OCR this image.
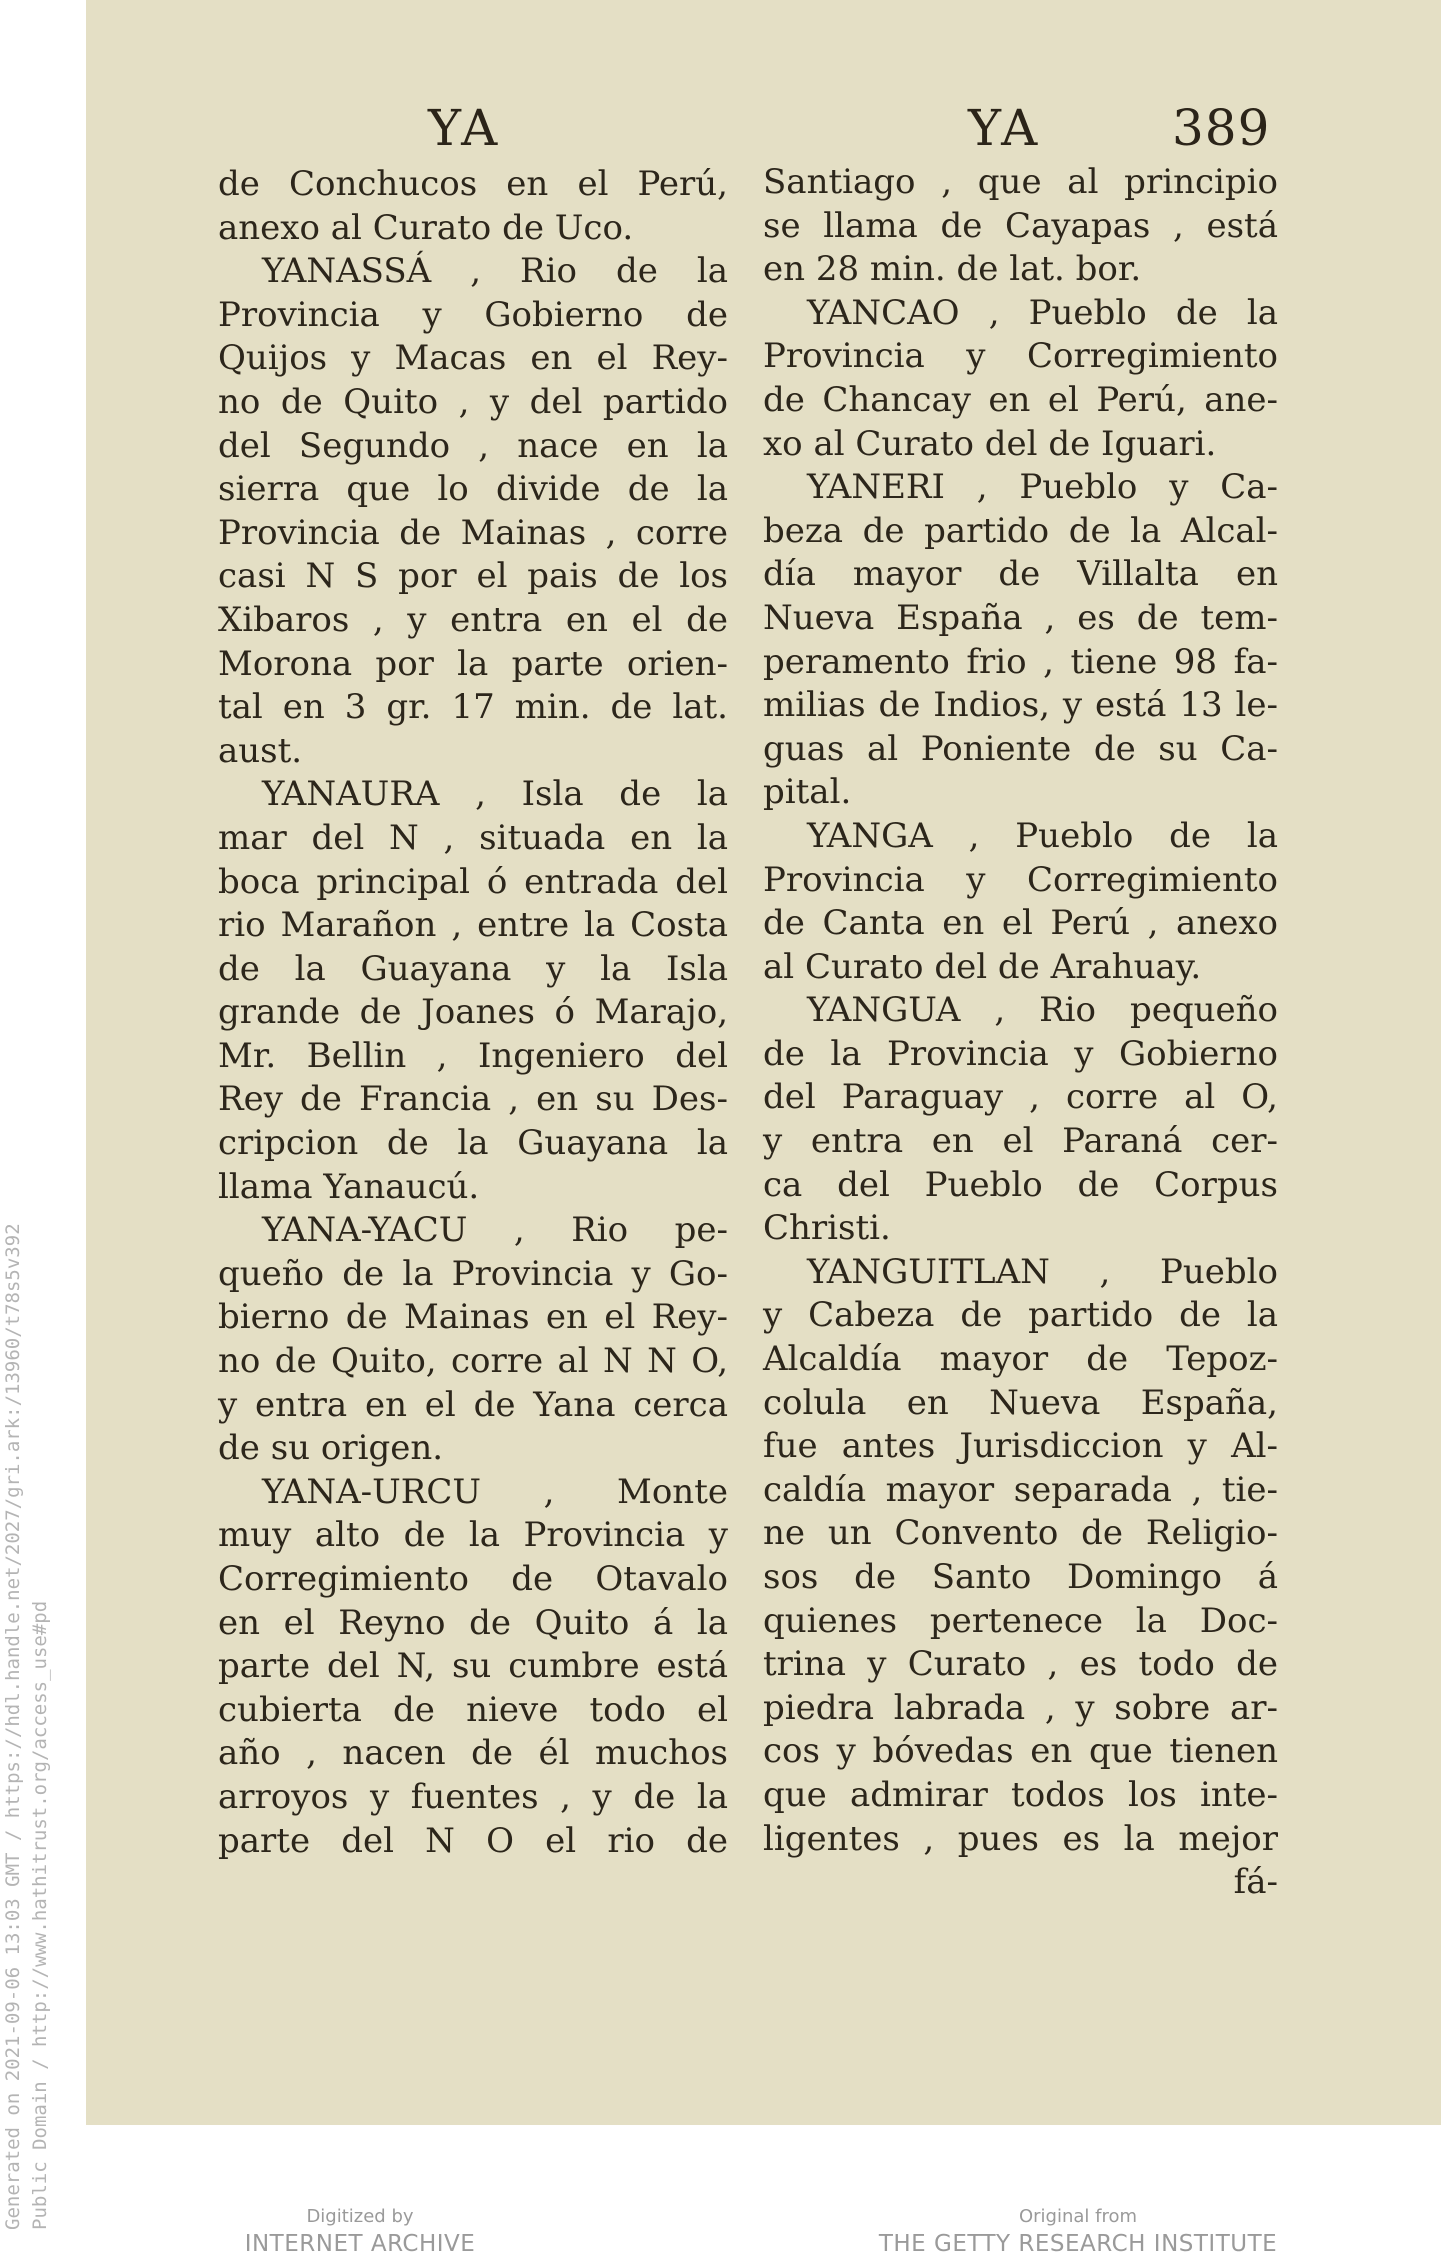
Generated on 2021-09-06 13:03 GMT / https://hdl.handle.net/2027/gri.ark:/13960/t78s5v392 Public Domain / http://www.hathitrust.org/access_use#pd
YA	YA	389
de Conchucos en el Perú,
anexo al Curato de Uco.
YANASSÁ , Rio de la
Provincia y Gobierno de
Quijos y Macas en el Rey-
no de Quito , y del partido
del Segundo , nace en la
sierra que lo divide de la
Provincia de Mainas , corre
casi N S por el pais de los
Xibaros , y entra en el de
Morona por la parte orien-
tal en 3 gr. 17 min. de lat.
aust.
YANAURA , Isla de la
mar del N , situada en la
boca principal ó entrada del
rio Marañon , entre la Costa
de la Guayana y la Isla
grande de Joanes ó Marajo,
Mr. Bellin , Ingeniero del
Rey de Francia , en su Des-
cripcion de la Guayana la
llama Yanaucú.
YANA-YACU , Rio pe-
queño de la Provincia y Go-
bierno de Mainas en el Rey-
no de Quito, corre al N N O,
y entra en el de Yana cerca
de su origen.
YANA-URCU , Monte
muy alto de la Provincia y
Corregimiento de Otavalo
en el Reyno de Quito á la
parte del N, su cumbre está
cubierta de nieve todo el
año , nacen de él muchos
arroyos y fuentes , y de la
parte del N O el rio de
Santiago , que al principio
se llama de Cayapas , está
en 28 min. de lat. bor.
YANCAO , Pueblo de la
Provincia y Corregimiento
de Chancay en el Perú, ane-
xo al Curato del de Iguari.
YANERI , Pueblo y Ca-
beza de partido de la Alcal-
día mayor de Villalta en
Nueva España , es de tem-
peramento frio , tiene 98 fa-
milias de Indios, y está 13 le-
guas al Poniente de su Ca-
pital.
YANGA , Pueblo de la
Provincia y Corregimiento
de Canta en el Perú , anexo
al Curato del de Arahuay.
YANGUA , Rio pequeño
de la Provincia y Gobierno
del Paraguay , corre al O,
y entra en el Paraná cer-
ca del Pueblo de Corpus
Christi.
YANGUITLAN , Pueblo
y Cabeza de partido de la
Alcaldía mayor de Tepoz-
colula en Nueva España,
fue antes Jurisdiccion y Al-
caldía mayor separada , tie-
ne un Convento de Religio-
sos de Santo Domingo á
quienes pertenece la Doc-
trina y Curato , es todo de
piedra labrada , y sobre ar-
cos y bóvedas en que tienen
que admirar todos los inte-
ligentes , pues es la mejor
fá-
Digitized by
INTERNET ARCHIVE
Original from
THE GETTY RESEARCH INSTITUTE
